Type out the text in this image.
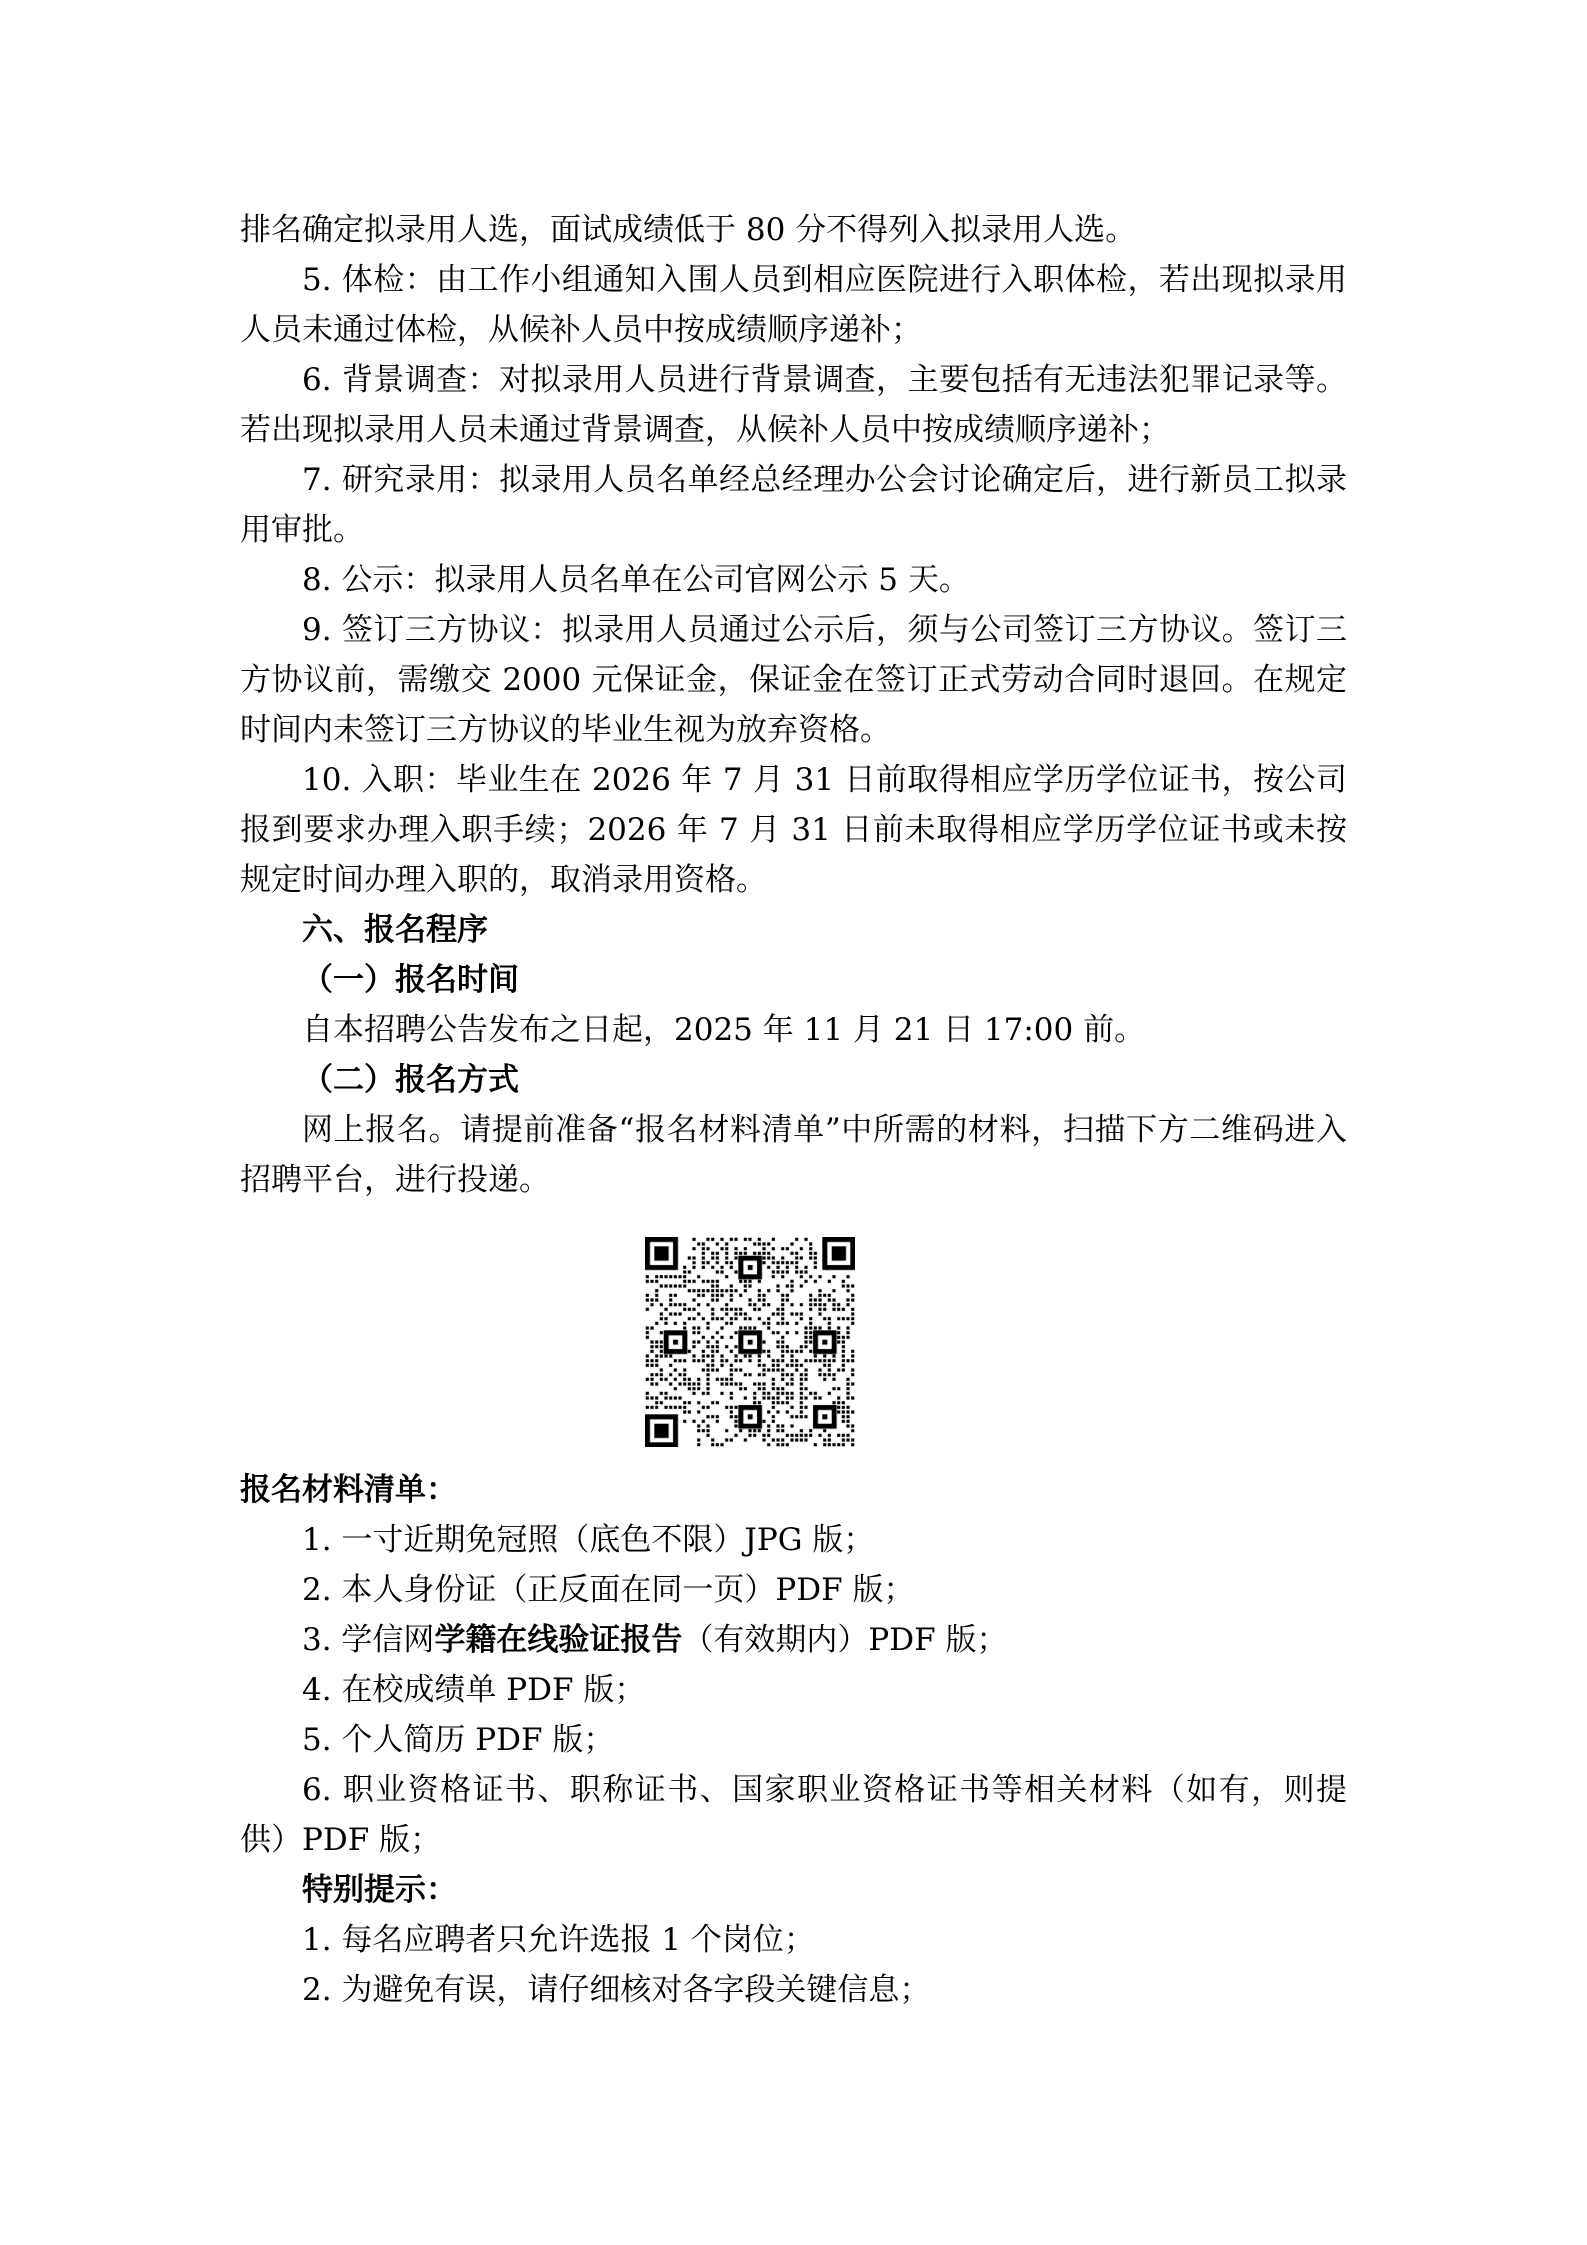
排名确定拟录用人选，面试成绩低于 80 分不得列入拟录用人选。

5. 体检：由工作小组通知入围人员到相应医院进行入职体检，若出现拟录用人员未通过体检，从候补人员中按成绩顺序递补；

6. 背景调查：对拟录用人员进行背景调查，主要包括有无违法犯罪记录等。若出现拟录用人员未通过背景调查，从候补人员中按成绩顺序递补；

7. 研究录用：拟录用人员名单经总经理办公会讨论确定后，进行新员工拟录用审批。

8. 公示：拟录用人员名单在公司官网公示 5 天。

9. 签订三方协议：拟录用人员通过公示后，须与公司签订三方协议。签订三方协议前，需缴交 2000 元保证金，保证金在签订正式劳动合同时退回。在规定时间内未签订三方协议的毕业生视为放弃资格。

10. 入职：毕业生在 2026 年 7 月 31 日前取得相应学历学位证书，按公司报到要求办理入职手续；2026 年 7 月 31 日前未取得相应学历学位证书或未按规定时间办理入职的，取消录用资格。

六、报名程序

（一）报名时间

自本招聘公告发布之日起，2025 年 11 月 21 日 17:00 前。

（二）报名方式

网上报名。请提前准备“报名材料清单”中所需的材料，扫描下方二维码进入招聘平台，进行投递。

报名材料清单：

1. 一寸近期免冠照（底色不限）JPG 版；

2. 本人身份证（正反面在同一页）PDF 版；

3. 学信网学籍在线验证报告（有效期内）PDF 版；

4. 在校成绩单 PDF 版；

5. 个人简历 PDF 版；

6. 职业资格证书、职称证书、国家职业资格证书等相关材料（如有，则提供）PDF 版；

特别提示：

1. 每名应聘者只允许选报 1 个岗位；

2. 为避免有误，请仔细核对各字段关键信息；
